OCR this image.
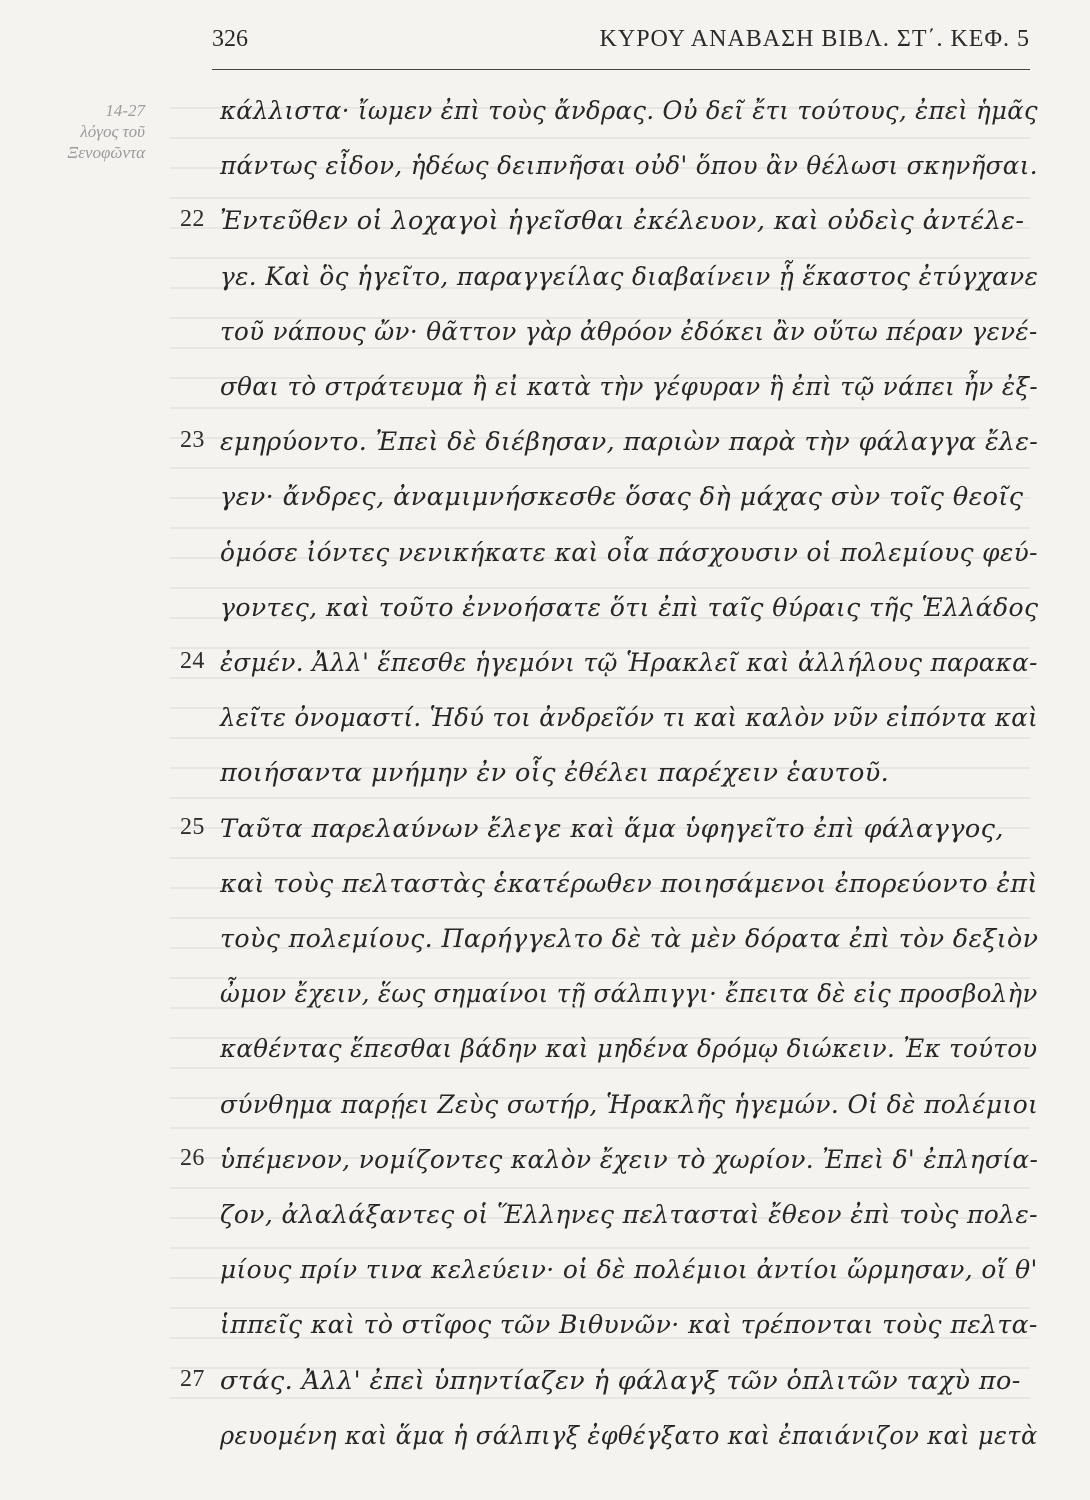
326	ΚΥΡΟΥ ΑΝΑΒΑΣΗ ΒΙΒΛ. ΣΤ΄. ΚΕΦ. 5
14-27
λόγος τοῦ
Ξενοφῶντα
κάλλιστα· ἴωμεν ἐπὶ τοὺς ἄνδρας. Οὐ δεῖ ἔτι τούτους, ἐπεὶ ἡμᾶς
πάντως εἶδον, ἡδέως δειπνῆσαι οὐδ' ὅπου ἂν θέλωσι σκηνῆσαι.
22 Ἐντεῦθεν οἱ λοχαγοὶ ἡγεῖσθαι ἐκέλευον, καὶ οὐδεὶς ἀντέλε-
γε. Καὶ ὃς ἡγεῖτο, παραγγείλας διαβαίνειν ᾗ ἕκαστος ἐτύγχανε
τοῦ νάπους ὤν· θᾶττον γὰρ ἀθρόον ἐδόκει ἂν οὕτω πέραν γενέ-
σθαι τὸ στράτευμα ἢ εἰ κατὰ τὴν γέφυραν ἣ ἐπὶ τῷ νάπει ἦν ἐξ-
23 εμηρύοντο. Ἐπεὶ δὲ διέβησαν, παριὼν παρὰ τὴν φάλαγγα ἔλε-
γεν· ἄνδρες, ἀναμιμνήσκεσθε ὅσας δὴ μάχας σὺν τοῖς θεοῖς
ὁμόσε ἰόντες νενικήκατε καὶ οἷα πάσχουσιν οἱ πολεμίους φεύ-
γοντες, καὶ τοῦτο ἐννοήσατε ὅτι ἐπὶ ταῖς θύραις τῆς Ἑλλάδος
24 ἐσμέν. Ἀλλ' ἕπεσθε ἡγεμόνι τῷ Ἡρακλεῖ καὶ ἀλλήλους παρακα-
λεῖτε ὀνομαστί. Ἡδύ τοι ἀνδρεῖόν τι καὶ καλὸν νῦν εἰπόντα καὶ
ποιήσαντα μνήμην ἐν οἷς ἐθέλει παρέχειν ἑαυτοῦ.
25 Ταῦτα παρελαύνων ἔλεγε καὶ ἅμα ὑφηγεῖτο ἐπὶ φάλαγγος,
καὶ τοὺς πελταστὰς ἑκατέρωθεν ποιησάμενοι ἐπορεύοντο ἐπὶ
τοὺς πολεμίους. Παρήγγελτο δὲ τὰ μὲν δόρατα ἐπὶ τὸν δεξιὸν
ὦμον ἔχειν, ἕως σημαίνοι τῇ σάλπιγγι· ἔπειτα δὲ εἰς προσβολὴν
καθέντας ἕπεσθαι βάδην καὶ μηδένα δρόμῳ διώκειν. Ἐκ τούτου
σύνθημα παρῄει Ζεὺς σωτήρ, Ἡρακλῆς ἡγεμών. Οἱ δὲ πολέμιοι
26 ὑπέμενον, νομίζοντες καλὸν ἔχειν τὸ χωρίον. Ἐπεὶ δ' ἐπλησία-
ζον, ἀλαλάξαντες οἱ Ἕλληνες πελτασταὶ ἔθεον ἐπὶ τοὺς πολε-
μίους πρίν τινα κελεύειν· οἱ δὲ πολέμιοι ἀντίοι ὥρμησαν, οἵ θ'
ἱππεῖς καὶ τὸ στῖφος τῶν Βιθυνῶν· καὶ τρέπονται τοὺς πελτα-
27 στάς. Ἀλλ' ἐπεὶ ὑπηντίαζεν ἡ φάλαγξ τῶν ὁπλιτῶν ταχὺ πο-
ρευομένη καὶ ἅμα ἡ σάλπιγξ ἐφθέγξατο καὶ ἐπαιάνιζον καὶ μετὰ
